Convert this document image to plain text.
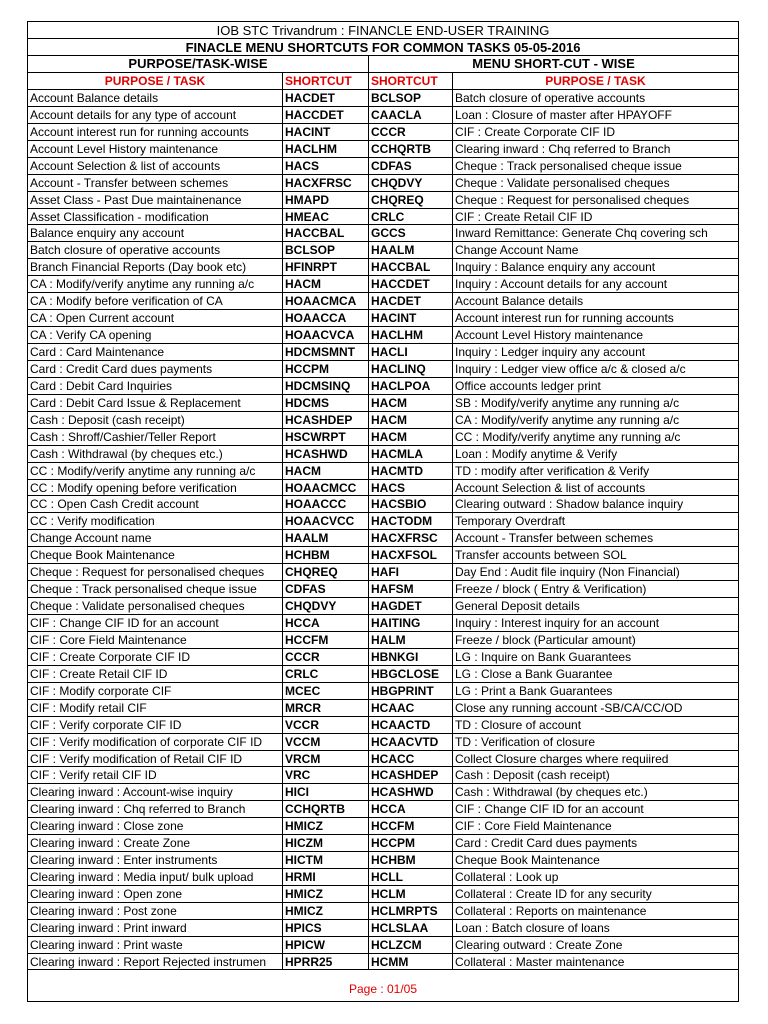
IOB STC Trivandrum : FINANCLE END-USER TRAINING
FINACLE MENU SHORTCUTS FOR COMMON TASKS 05-05-2016
PURPOSE/TASK-WISE	MENU SHORT-CUT - WISE
PURPOSE / TASK	SHORTCUT	SHORTCUT	PURPOSE / TASK
Account Balance details	HACDET	BCLSOP	Batch closure of operative accounts
Account details for any type of account	HACCDET	CAACLA	Loan : Closure of master after HPAYOFF
Account interest run for running accounts	HACINT	CCCR	CIF : Create Corporate CIF ID
Account Level History maintenance	HACLHM	CCHQRTB	Clearing inward : Chq referred to Branch
Account Selection & list of accounts	HACS	CDFAS	Cheque : Track personalised cheque issue
Account - Transfer between schemes	HACXFRSC	CHQDVY	Cheque : Validate personalised cheques
Asset Class - Past Due maintainenance	HMAPD	CHQREQ	Cheque : Request for personalised cheques
Asset Classification - modification	HMEAC	CRLC	CIF : Create Retail CIF ID
Balance enquiry any account	HACCBAL	GCCS	Inward Remittance: Generate Chq covering sch
Batch closure of operative accounts	BCLSOP	HAALM	Change Account Name
Branch Financial Reports (Day book etc)	HFINRPT	HACCBAL	Inquiry : Balance enquiry any account
CA : Modify/verify anytime any running a/c	HACM	HACCDET	Inquiry : Account details for any account
CA : Modify before verification of CA	HOAACMCA	HACDET	Account Balance details
CA : Open Current account	HOAACCA	HACINT	Account interest run for running accounts
CA : Verify CA opening	HOAACVCA	HACLHM	Account Level History maintenance
Card : Card Maintenance	HDCMSMNT	HACLI	Inquiry : Ledger inquiry any account
Card : Credit Card dues payments	HCCPM	HACLINQ	Inquiry : Ledger view office a/c & closed a/c
Card : Debit Card Inquiries	HDCMSINQ	HACLPOA	Office accounts ledger print
Card : Debit Card Issue & Replacement	HDCMS	HACM	SB : Modify/verify anytime any running a/c
Cash : Deposit (cash receipt)	HCASHDEP	HACM	CA : Modify/verify anytime any running a/c
Cash : Shroff/Cashier/Teller Report	HSCWRPT	HACM	CC : Modify/verify anytime any running a/c
Cash : Withdrawal (by cheques etc.)	HCASHWD	HACMLA	Loan : Modify anytime & Verify
CC : Modify/verify anytime any running a/c	HACM	HACMTD	TD : modify after verification & Verify
CC : Modify opening before verification	HOAACMCC	HACS	Account Selection & list of accounts
CC : Open Cash Credit account	HOAACCC	HACSBIO	Clearing outward : Shadow balance inquiry
CC : Verify modification	HOAACVCC	HACTODM	Temporary Overdraft
Change Account name	HAALM	HACXFRSC	Account - Transfer between schemes
Cheque Book Maintenance	HCHBM	HACXFSOL	Transfer accounts between SOL
Cheque : Request for personalised cheques	CHQREQ	HAFI	Day End : Audit file inquiry (Non Financial)
Cheque : Track personalised cheque issue	CDFAS	HAFSM	Freeze / block ( Entry & Verification)
Cheque : Validate personalised cheques	CHQDVY	HAGDET	General Deposit details
CIF : Change CIF ID for an account	HCCA	HAITING	Inquiry : Interest inquiry for an account
CIF : Core Field Maintenance	HCCFM	HALM	Freeze / block (Particular amount)
CIF : Create Corporate CIF ID	CCCR	HBNKGI	LG : Inquire on Bank Guarantees
CIF : Create Retail CIF ID	CRLC	HBGCLOSE	LG : Close a Bank Guarantee
CIF : Modify corporate CIF	MCEC	HBGPRINT	LG : Print a Bank Guarantees
CIF : Modify retail CIF	MRCR	HCAAC	Close any running account -SB/CA/CC/OD
CIF : Verify corporate CIF ID	VCCR	HCAACTD	TD : Closure of account
CIF : Verify modification of corporate CIF ID	VCCM	HCAACVTD	TD : Verification of closure
CIF : Verify modification of Retail CIF ID	VRCM	HCACC	Collect Closure charges where requiired
CIF : Verify retail CIF ID	VRC	HCASHDEP	Cash : Deposit (cash receipt)
Clearing inward : Account-wise inquiry	HICI	HCASHWD	Cash : Withdrawal (by cheques etc.)
Clearing inward : Chq referred to Branch	CCHQRTB	HCCA	CIF : Change CIF ID for an account
Clearing inward : Close zone	HMICZ	HCCFM	CIF : Core Field Maintenance
Clearing inward : Create Zone	HICZM	HCCPM	Card : Credit Card dues payments
Clearing inward : Enter instruments	HICTM	HCHBM	Cheque Book Maintenance
Clearing inward : Media input/ bulk upload	HRMI	HCLL	Collateral : Look up
Clearing inward : Open zone	HMICZ	HCLM	Collateral : Create ID for any security
Clearing inward : Post zone	HMICZ	HCLMRPTS	Collateral : Reports on maintenance
Clearing inward : Print inward	HPICS	HCLSLAA	Loan : Batch closure of loans
Clearing inward : Print waste	HPICW	HCLZCM	Clearing outward : Create Zone
Clearing inward : Report Rejected instrumen	HPRR25	HCMM	Collateral : Master maintenance
Page : 01/05
